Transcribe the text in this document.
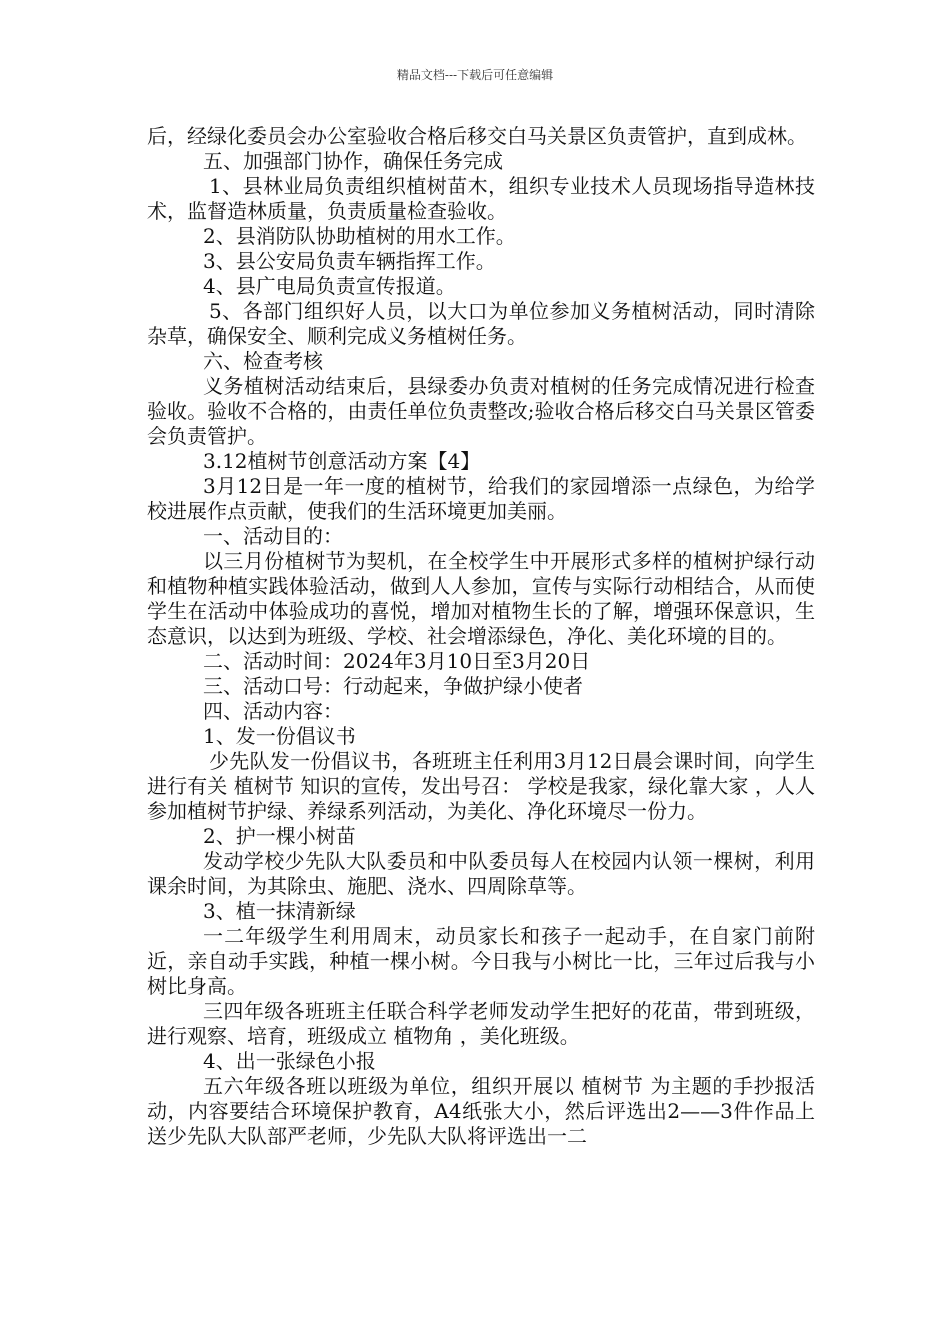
精品文档---下载后可任意编辑

后，经绿化委员会办公室验收合格后移交白马关景区负责管护，直到成林。

五、加强部门协作，确保任务完成

1、县林业局负责组织植树苗木，组织专业技术人员现场指导造林技术，监督造林质量，负责质量检查验收。

2、县消防队协助植树的用水工作。

3、县公安局负责车辆指挥工作。

4、县广电局负责宣传报道。

5、各部门组织好人员，以大口为单位参加义务植树活动，同时清除杂草，确保安全、顺利完成义务植树任务。

六、检查考核

义务植树活动结束后，县绿委办负责对植树的任务完成情况进行检查验收。验收不合格的，由责任单位负责整改;验收合格后移交白马关景区管委会负责管护。

3.12植树节创意活动方案【4】

3月12日是一年一度的植树节，给我们的家园增添一点绿色，为给学校进展作点贡献，使我们的生活环境更加美丽。

一、活动目的：

以三月份植树节为契机，在全校学生中开展形式多样的植树护绿行动和植物种植实践体验活动，做到人人参加，宣传与实际行动相结合，从而使学生在活动中体验成功的喜悦，增加对植物生长的了解，增强环保意识，生态意识，以达到为班级、学校、社会增添绿色，净化、美化环境的目的。

二、活动时间：2024年3月10日至3月20日

三、活动口号：行动起来，争做护绿小使者

四、活动内容：

1、发一份倡议书

少先队发一份倡议书，各班班主任利用3月12日晨会课时间，向学生进行有关 植树节 知识的宣传，发出号召： 学校是我家，绿化靠大家 ，人人参加植树节护绿、养绿系列活动，为美化、净化环境尽一份力。

2、护一棵小树苗

发动学校少先队大队委员和中队委员每人在校园内认领一棵树，利用课余时间，为其除虫、施肥、浇水、四周除草等。

3、植一抹清新绿

一二年级学生利用周末，动员家长和孩子一起动手，在自家门前附近，亲自动手实践，种植一棵小树。今日我与小树比一比，三年过后我与小树比身高。

三四年级各班班主任联合科学老师发动学生把好的花苗，带到班级，进行观察、培育，班级成立 植物角 ，美化班级。

4、出一张绿色小报

五六年级各班以班级为单位，组织开展以 植树节 为主题的手抄报活动，内容要结合环境保护教育，A4纸张大小，然后评选出2——3件作品上送少先队大队部严老师，少先队大队将评选出一二
